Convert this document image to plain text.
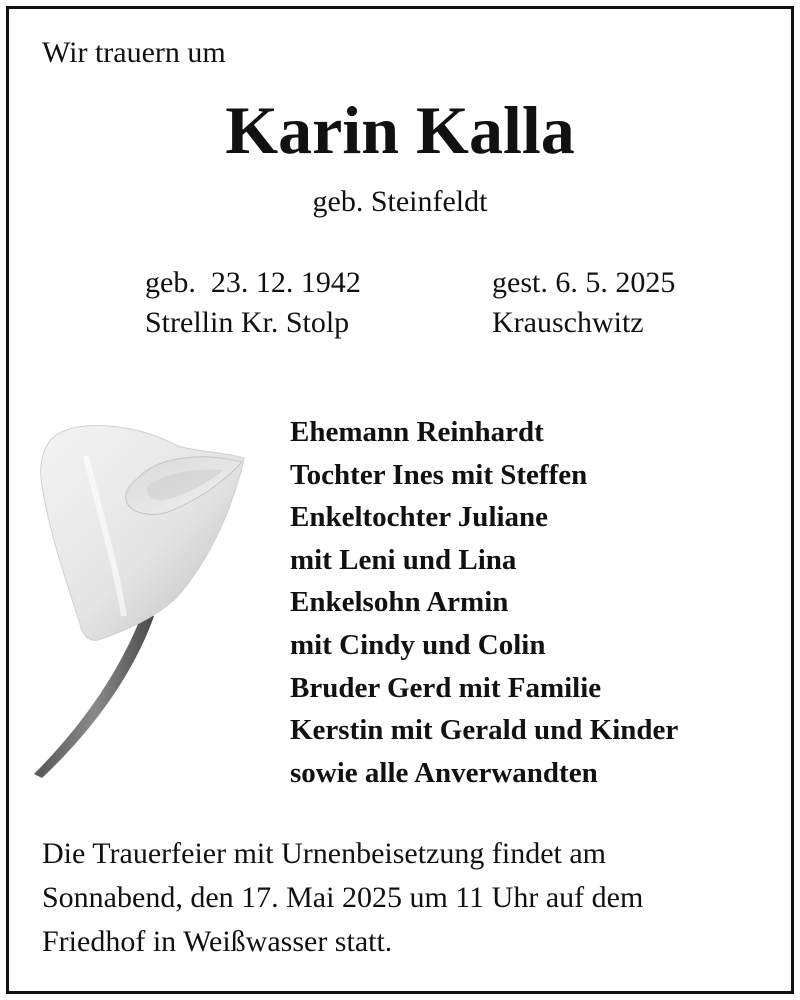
Wir trauern um
Karin Kalla
geb. Steinfeldt
geb.  23. 12. 1942
Strellin Kr. Stolp
gest. 6. 5. 2025
Krauschwitz
Ehemann Reinhardt
Tochter Ines mit Steffen
Enkeltochter Juliane
mit Leni und Lina
Enkelsohn Armin
mit Cindy und Colin
Bruder Gerd mit Familie
Kerstin mit Gerald und Kinder
sowie alle Anverwandten
Die Trauerfeier mit Urnenbeisetzung findet am
Sonnabend, den 17. Mai 2025 um 11 Uhr auf dem
Friedhof in Weißwasser statt.
